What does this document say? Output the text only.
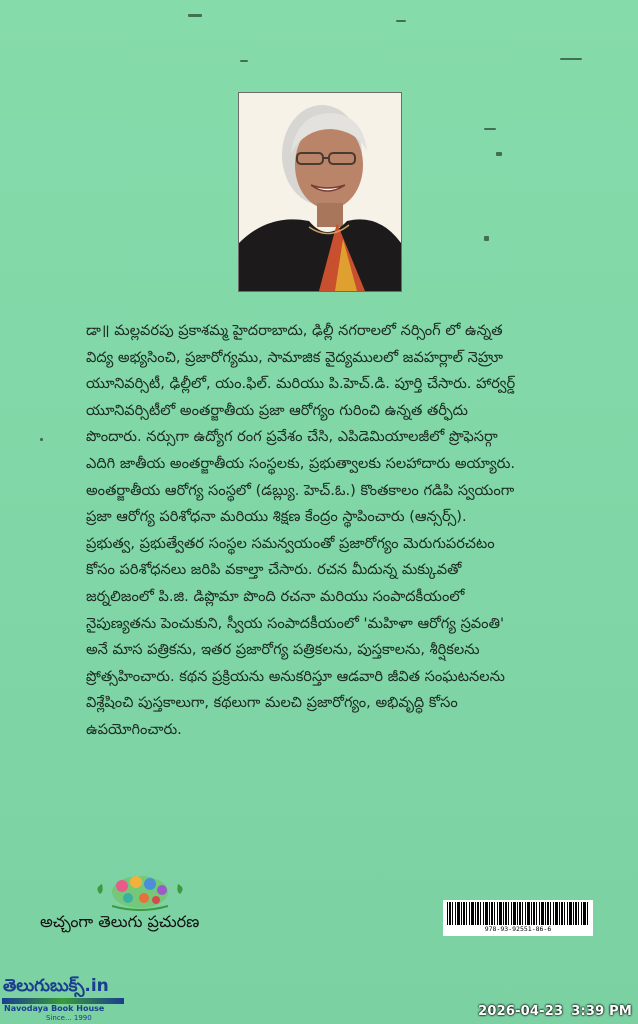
డా॥ మల్లవరపు ప్రకాశమ్మ హైదరాబాదు, ఢిల్లీ నగరాలలో నర్సింగ్ లో ఉన్నత
విద్య అభ్యసించి, ప్రజారోగ్యము, సామాజిక వైద్యములలో జవహర్లాల్ నెహ్రూ
యూనివర్సిటీ, ఢిల్లీలో, యం.ఫిల్. మరియు పి.హెచ్.డి. పూర్తి చేసారు. హార్వర్డ్
యూనివర్సిటీలో అంతర్జాతీయ ప్రజా ఆరోగ్యం గురించి ఉన్నత తర్ఫీదు
పొందారు. నర్సుగా ఉద్యోగ రంగ ప్రవేశం చేసి, ఎపిడెమియాలజీలో ప్రొఫెసర్గా
ఎదిగి జాతీయ అంతర్జాతీయ సంస్థలకు, ప్రభుత్వాలకు సలహాదారు అయ్యారు.
అంతర్జాతీయ ఆరోగ్య సంస్థలో (డబ్ల్యు. హెచ్.ఓ.) కొంతకాలం గడిపి స్వయంగా
ప్రజా ఆరోగ్య పరిశోధనా మరియు శిక్షణ కేంద్రం స్థాపించారు (ఆన్సర్స్).
ప్రభుత్వ, ప్రభుత్వేతర సంస్థల సమన్వయంతో ప్రజారోగ్యం మెరుగుపరచటం
కోసం పరిశోధనలు జరిపి వకాల్తా చేసారు. రచన మీదున్న మక్కువతో
జర్నలిజంలో పి.జి. డిప్లొమా పొంది రచనా మరియు సంపాదకీయంలో
నైపుణ్యతను పెంచుకుని, స్వీయ సంపాదకీయంలో 'మహిళా ఆరోగ్య స్రవంతి'
అనే మాస పత్రికను, ఇతర ప్రజారోగ్య పత్రికలను, పుస్తకాలను, శీర్షికలను
ప్రోత్సహించారు. కథన ప్రక్రియను అనుకరిస్తూ ఆడవారి జీవిత సంఘటనలను
విశ్లేషించి పుస్తకాలుగా, కథలుగా మలచి ప్రజారోగ్యం, అభివృద్ధి కోసం
ఉపయోగించారు.
అచ్చంగా తెలుగు ప్రచురణ	978-93-92551-86-6
తెలుగుబుక్స్.in
Navodaya Book House
Since... 1990	2026-04-23 3:39 PM
